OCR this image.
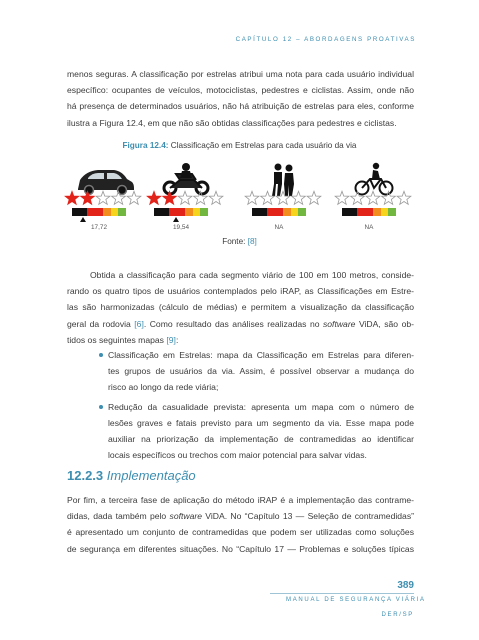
CAPÍTULO 12 – ABORDAGENS PROATIVAS
menos seguras. A classificação por estrelas atribui uma nota para cada usuário individual
específico: ocupantes de veículos, motociclistas, pedestres e ciclistas. Assim, onde não
há presença de determinados usuários, não há atribuição de estrelas para eles, conforme
ilustra a Figura 12.4, em que não são obtidas classificações para pedestres e ciclistas.
Figura 12.4: Classificação em Estrelas para cada usuário da via
17,72	19,54	NA	NA
Fonte: [8]
Obtida a classificação para cada segmento viário de 100 em 100 metros, conside-
rando os quatro tipos de usuários contemplados pelo iRAP, as Classificações em Estre-
las são harmonizadas (cálculo de médias) e permitem a visualização da classificação
geral da rodovia [6]. Como resultado das análises realizadas no software ViDA, são ob-
tidos os seguintes mapas [9]:
Classificação em Estrelas: mapa da Classificação em Estrelas para diferen-
tes grupos de usuários da via. Assim, é possível observar a mudança do
risco ao longo da rede viária;
Redução da casualidade prevista: apresenta um mapa com o número de
lesões graves e fatais previsto para um segmento da via. Esse mapa pode
auxiliar na priorização da implementação de contramedidas ao identificar
locais específicos ou trechos com maior potencial para salvar vidas.
12.2.3 Implementação
Por fim, a terceira fase de aplicação do método iRAP é a implementação das contrame-
didas, dada também pelo software ViDA. No “Capítulo 13 — Seleção de contramedidas”
é apresentado um conjunto de contramedidas que podem ser utilizadas como soluções
de segurança em diferentes situações. No “Capítulo 17 — Problemas e soluções típicas
389
MANUAL DE SEGURANÇA VIÁRIA
DER/SP
